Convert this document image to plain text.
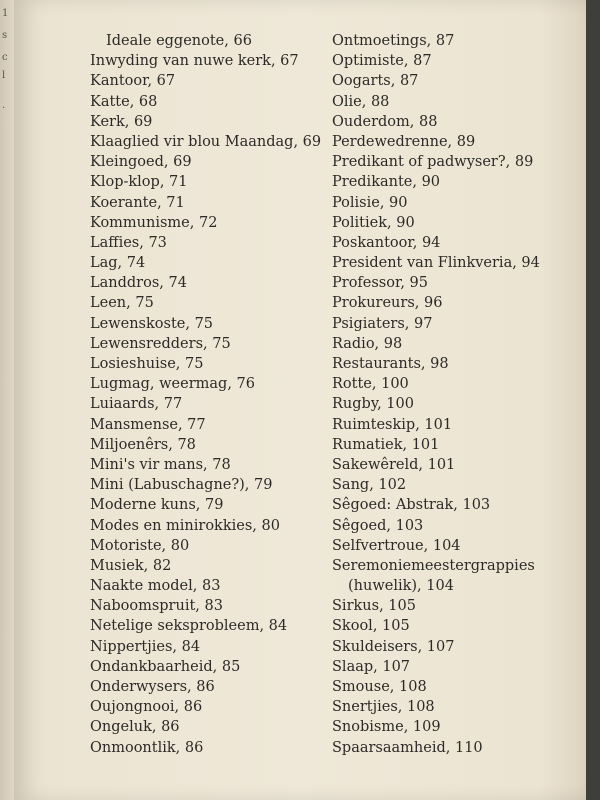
1
s
c
l
.
Ideale eggenote, 66
Inwyding van nuwe kerk, 67
Kantoor, 67
Katte, 68
Kerk, 69
Klaaglied vir blou Maandag, 69
Kleingoed, 69
Klop-klop, 71
Koerante, 71
Kommunisme, 72
Laffies, 73
Lag, 74
Landdros, 74
Leen, 75
Lewenskoste, 75
Lewensredders, 75
Losieshuise, 75
Lugmag, weermag, 76
Luiaards, 77
Mansmense, 77
Miljoenêrs, 78
Mini's vir mans, 78
Mini (Labuschagne?), 79
Moderne kuns, 79
Modes en minirokkies, 80
Motoriste, 80
Musiek, 82
Naakte model, 83
Naboomspruit, 83
Netelige seksprobleem, 84
Nippertjies, 84
Ondankbaarheid, 85
Onderwysers, 86
Oujongnooi, 86
Ongeluk, 86
Onmoontlik, 86
Ontmoetings, 87
Optimiste, 87
Oogarts, 87
Olie, 88
Ouderdom, 88
Perdewedrenne, 89
Predikant of padwyser?, 89
Predikante, 90
Polisie, 90
Politiek, 90
Poskantoor, 94
President van Flinkveria, 94
Professor, 95
Prokureurs, 96
Psigiaters, 97
Radio, 98
Restaurants, 98
Rotte, 100
Rugby, 100
Ruimteskip, 101
Rumatiek, 101
Sakewêreld, 101
Sang, 102
Sêgoed: Abstrak, 103
Sêgoed, 103
Selfvertroue, 104
Seremoniemeestergrappies
(huwelik), 104
Sirkus, 105
Skool, 105
Skuldeisers, 107
Slaap, 107
Smouse, 108
Snertjies, 108
Snobisme, 109
Spaarsaamheid, 110
